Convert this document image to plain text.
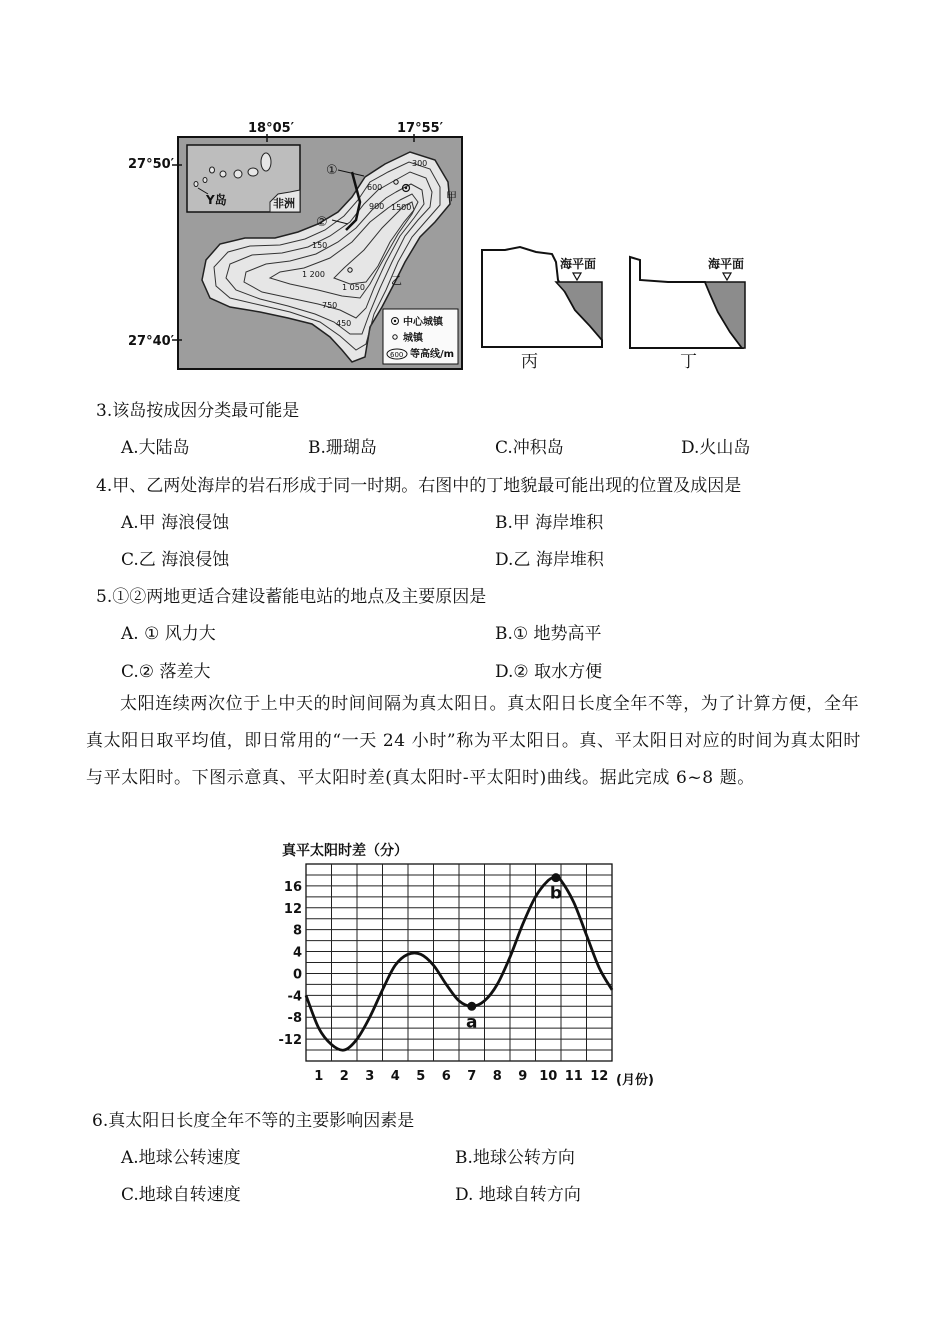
18°05′	17°55′
27°50′
27°40′
300
600
900 1500
150
1 200
1 050
750
450
①
②
甲
乙
Y岛	非洲
中心城镇
城镇
600 等高线/m
海平面
丙
海平面
丁
3.该岛按成因分类最可能是
A.大陆岛	B.珊瑚岛	C.冲积岛	D.火山岛
4.甲、乙两处海岸的岩石形成于同一时期。右图中的丁地貌最可能出现的位置及成因是
A.甲 海浪侵蚀	B.甲 海岸堆积
C.乙 海浪侵蚀	D.乙 海岸堆积
5.①②两地更适合建设蓄能电站的地点及主要原因是
A. ① 风力大	B.① 地势高平
C.② 落差大	D.② 取水方便
太阳连续两次位于上中天的时间间隔为真太阳日。真太阳日长度全年不等，为了计算方便，全年真太阳日取平均值，即日常用的“一天 24 小时”称为平太阳日。真、平太阳日对应的时间为真太阳时与平太阳时。下图示意真、平太阳时差(真太阳时-平太阳时)曲线。据此完成 6~8 题。
真平太阳时差（分）
16
12
8
4
0
-4
-8
-12
1 2 3 4 5 6 7 8 9 10 11 12
a
b
(月份)
6.真太阳日长度全年不等的主要影响因素是
A.地球公转速度	B.地球公转方向
C.地球自转速度	D. 地球自转方向
